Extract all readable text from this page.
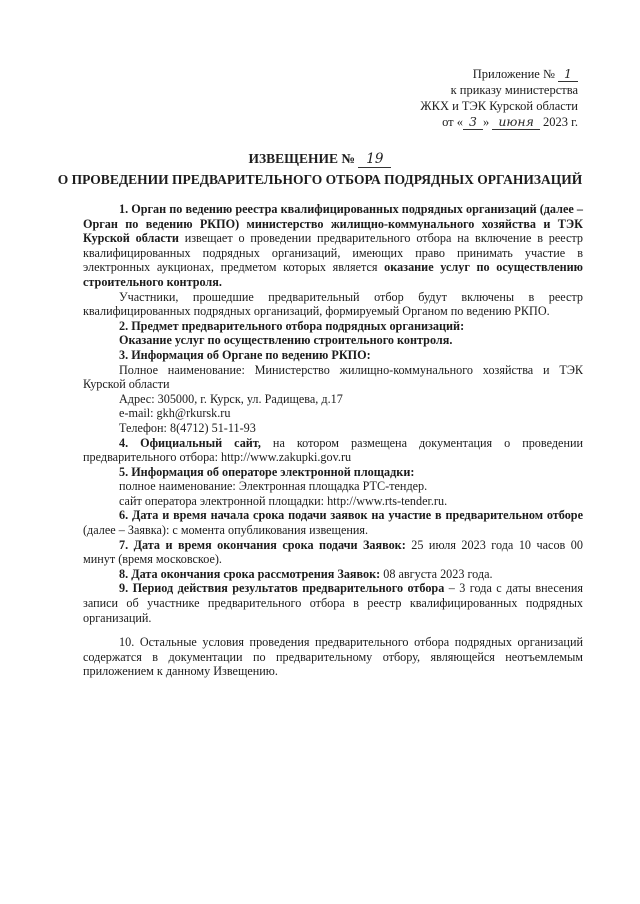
Приложение № 1
к приказу министерства
ЖКХ и ТЭК Курской области
от « 3 » июня 2023 г.
ИЗВЕЩЕНИЕ № 19
О ПРОВЕДЕНИИ ПРЕДВАРИТЕЛЬНОГО ОТБОРА ПОДРЯДНЫХ ОРГАНИЗАЦИЙ

1. Орган по ведению реестра квалифицированных подрядных организаций (далее – Орган по ведению РКПО) министерство жилищно-коммунального хозяйства и ТЭК Курской области извещает о проведении предварительного отбора на включение в реестр квалифицированных подрядных организаций, имеющих право принимать участие в электронных аукционах, предметом которых является оказание услуг по осуществлению строительного контроля.

Участники, прошедшие предварительный отбор будут включены в реестр квалифицированных подрядных организаций, формируемый Органом по ведению РКПО.

2. Предмет предварительного отбора подрядных организаций:

Оказание услуг по осуществлению строительного контроля.

3. Информация об Органе по ведению РКПО:

Полное наименование: Министерство жилищно-коммунального хозяйства и ТЭК Курской области

Адрес: 305000, г. Курск, ул. Радищева, д.17

e-mail: gkh@rkursk.ru

Телефон: 8(4712) 51-11-93

4. Официальный сайт, на котором размещена документация о проведении предварительного отбора: http://www.zakupki.gov.ru

5. Информация об операторе электронной площадки:

полное наименование: Электронная площадка РТС-тендер.

сайт оператора электронной площадки: http://www.rts-tender.ru.

6. Дата и время начала срока подачи заявок на участие в предварительном отборе (далее – Заявка): с момента опубликования извещения.

7. Дата и время окончания срока подачи Заявок: 25 июля 2023 года 10 часов 00 минут (время московское).

8. Дата окончания срока рассмотрения Заявок: 08 августа 2023 года.

9. Период действия результатов предварительного отбора – 3 года с даты внесения записи об участнике предварительного отбора в реестр квалифицированных подрядных организаций.

10. Остальные условия проведения предварительного отбора подрядных организаций содержатся в документации по предварительному отбору, являющейся неотъемлемым приложением к данному Извещению.
